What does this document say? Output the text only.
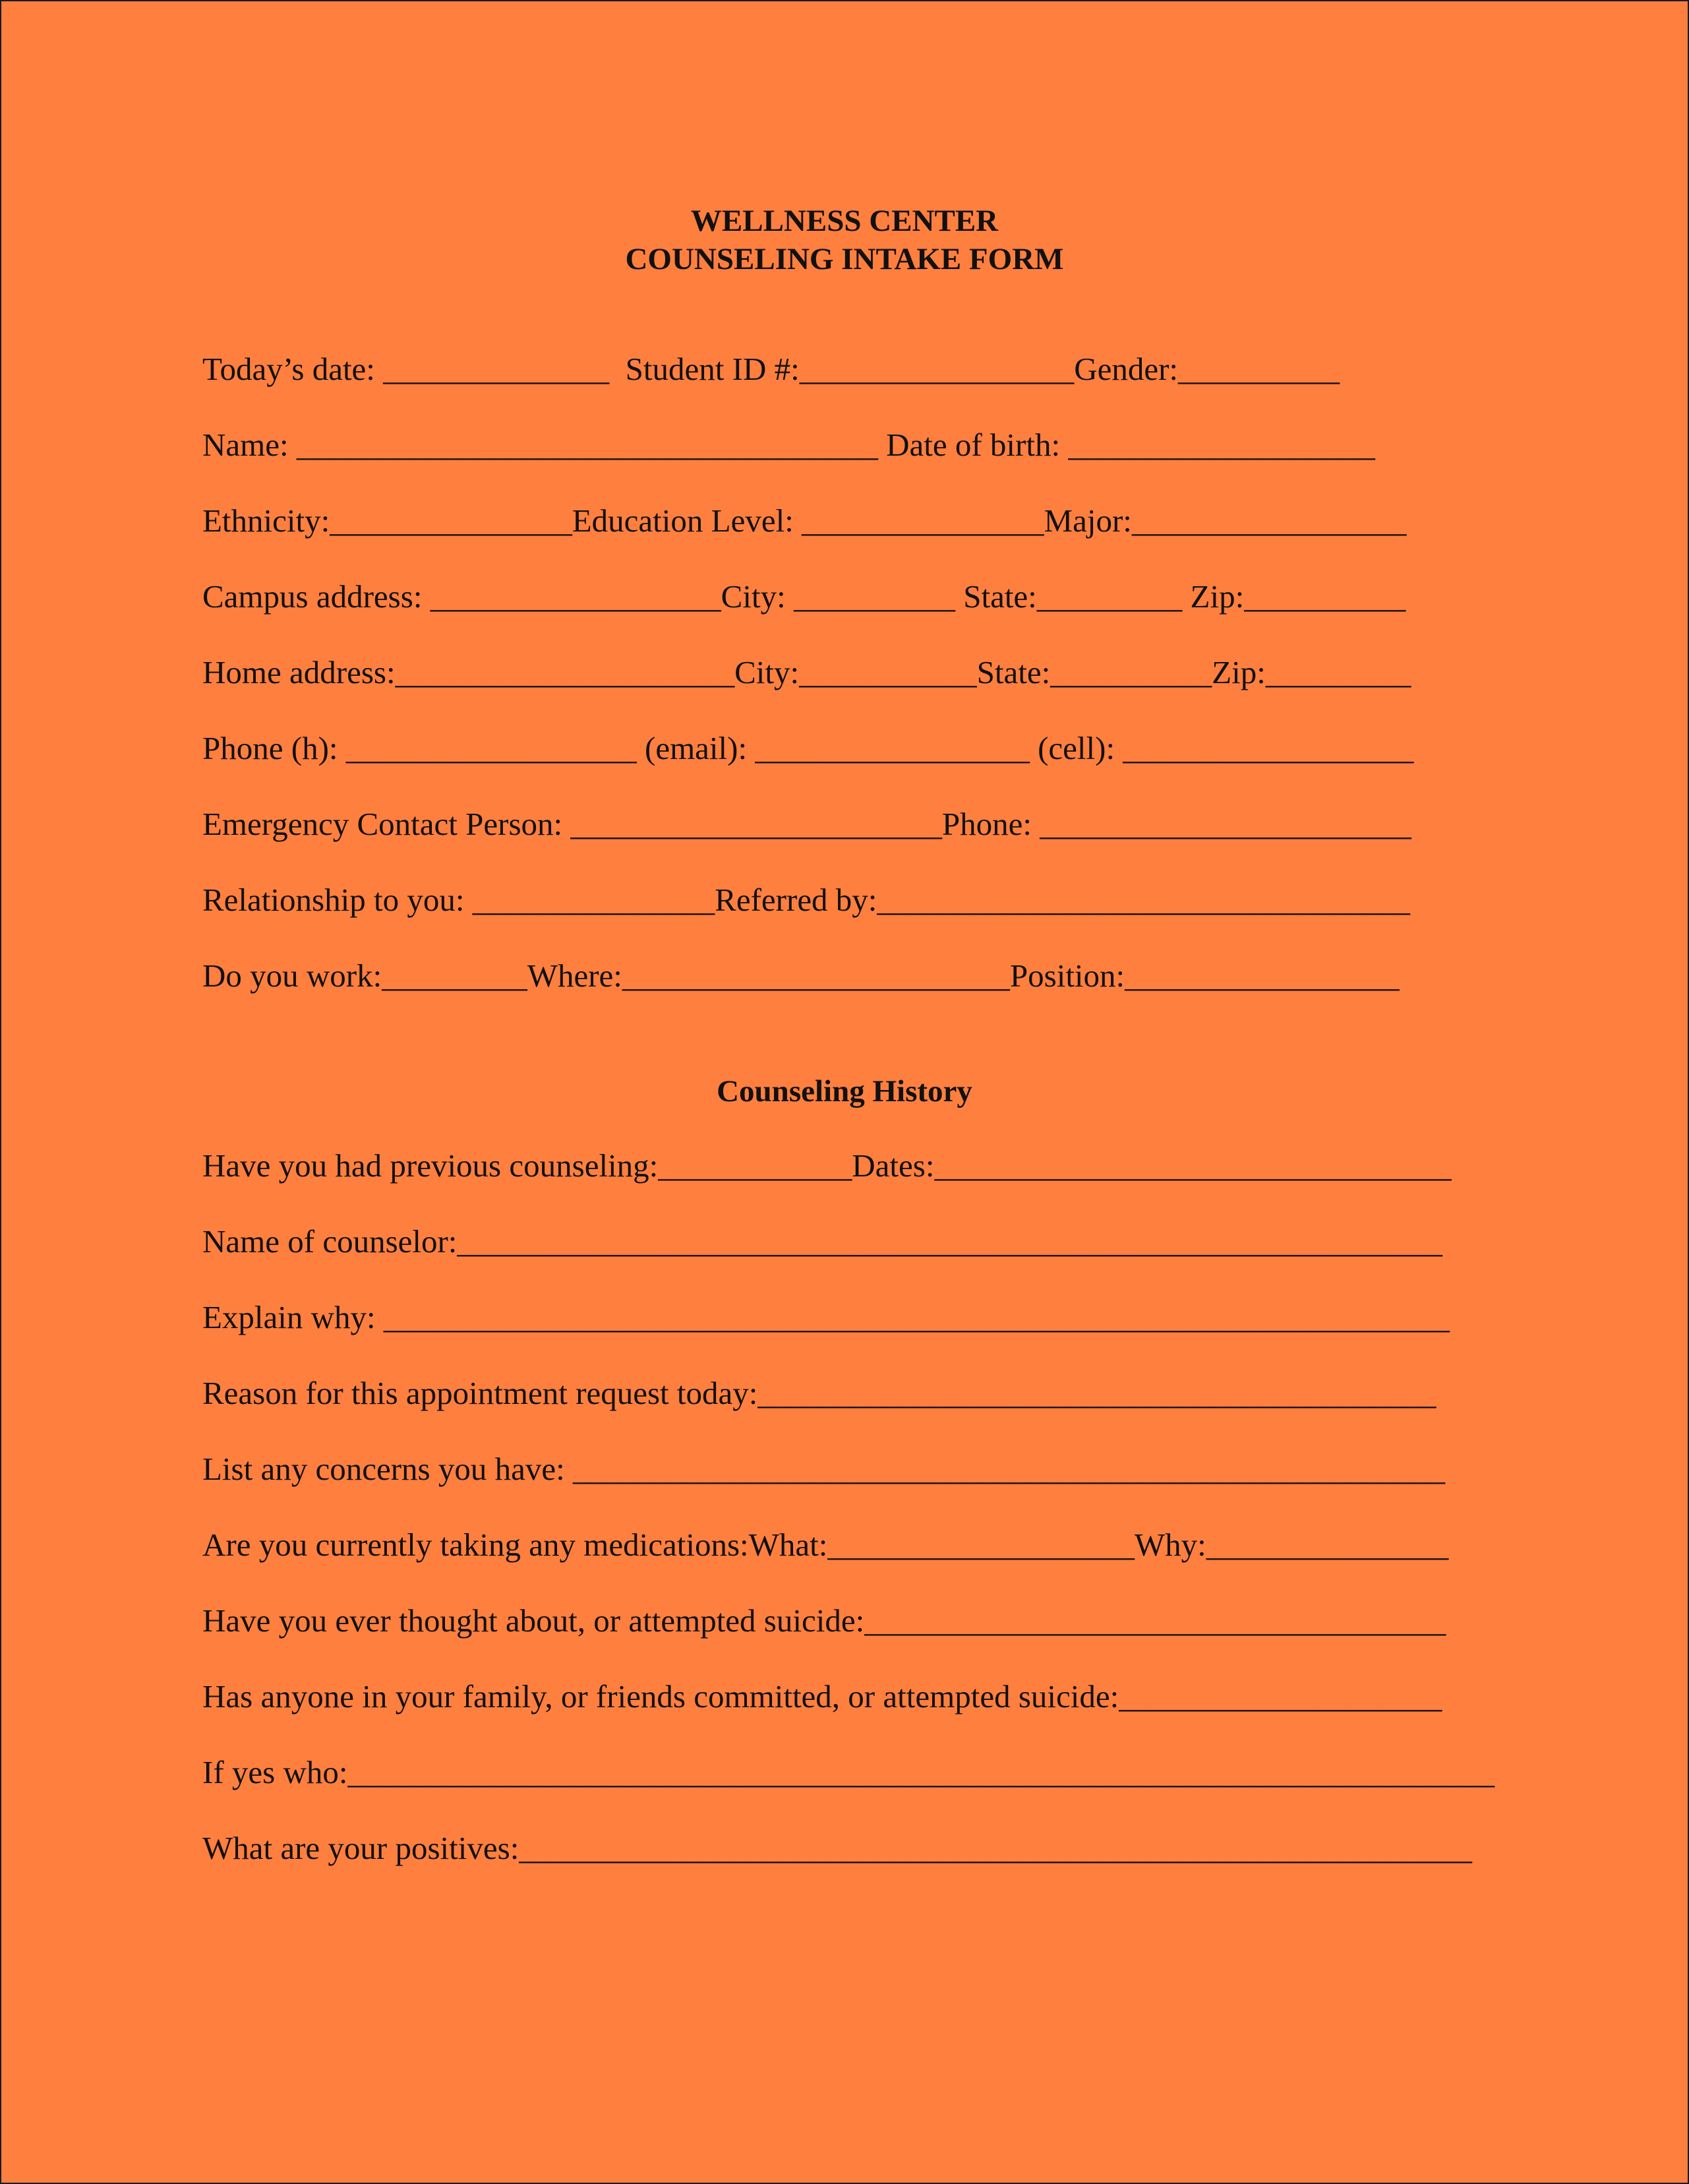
WELLNESS CENTER
COUNSELING INTAKE FORM
Today’s date: ______________  Student ID #:_________________Gender:__________
Name: ____________________________________ Date of birth: ___________________
Ethnicity:_______________Education Level: _______________Major:_________________
Campus address: __________________City: __________ State:_________ Zip:__________
Home address:_____________________City:___________State:__________Zip:_________
Phone (h): __________________ (email): _________________ (cell): __________________
Emergency Contact Person: _______________________Phone: _______________________
Relationship to you: _______________Referred by:_________________________________
Do you work:_________Where:________________________Position:_________________
Counseling History
Have you had previous counseling:____________Dates:________________________________
Name of counselor:_____________________________________________________________
Explain why: __________________________________________________________________
Reason for this appointment request today:__________________________________________
List any concerns you have: ______________________________________________________
Are you currently taking any medications:What:___________________Why:_______________
Have you ever thought about, or attempted suicide:____________________________________
Has anyone in your family, or friends committed, or attempted suicide:____________________
If yes who:_______________________________________________________________________
What are your positives:___________________________________________________________
